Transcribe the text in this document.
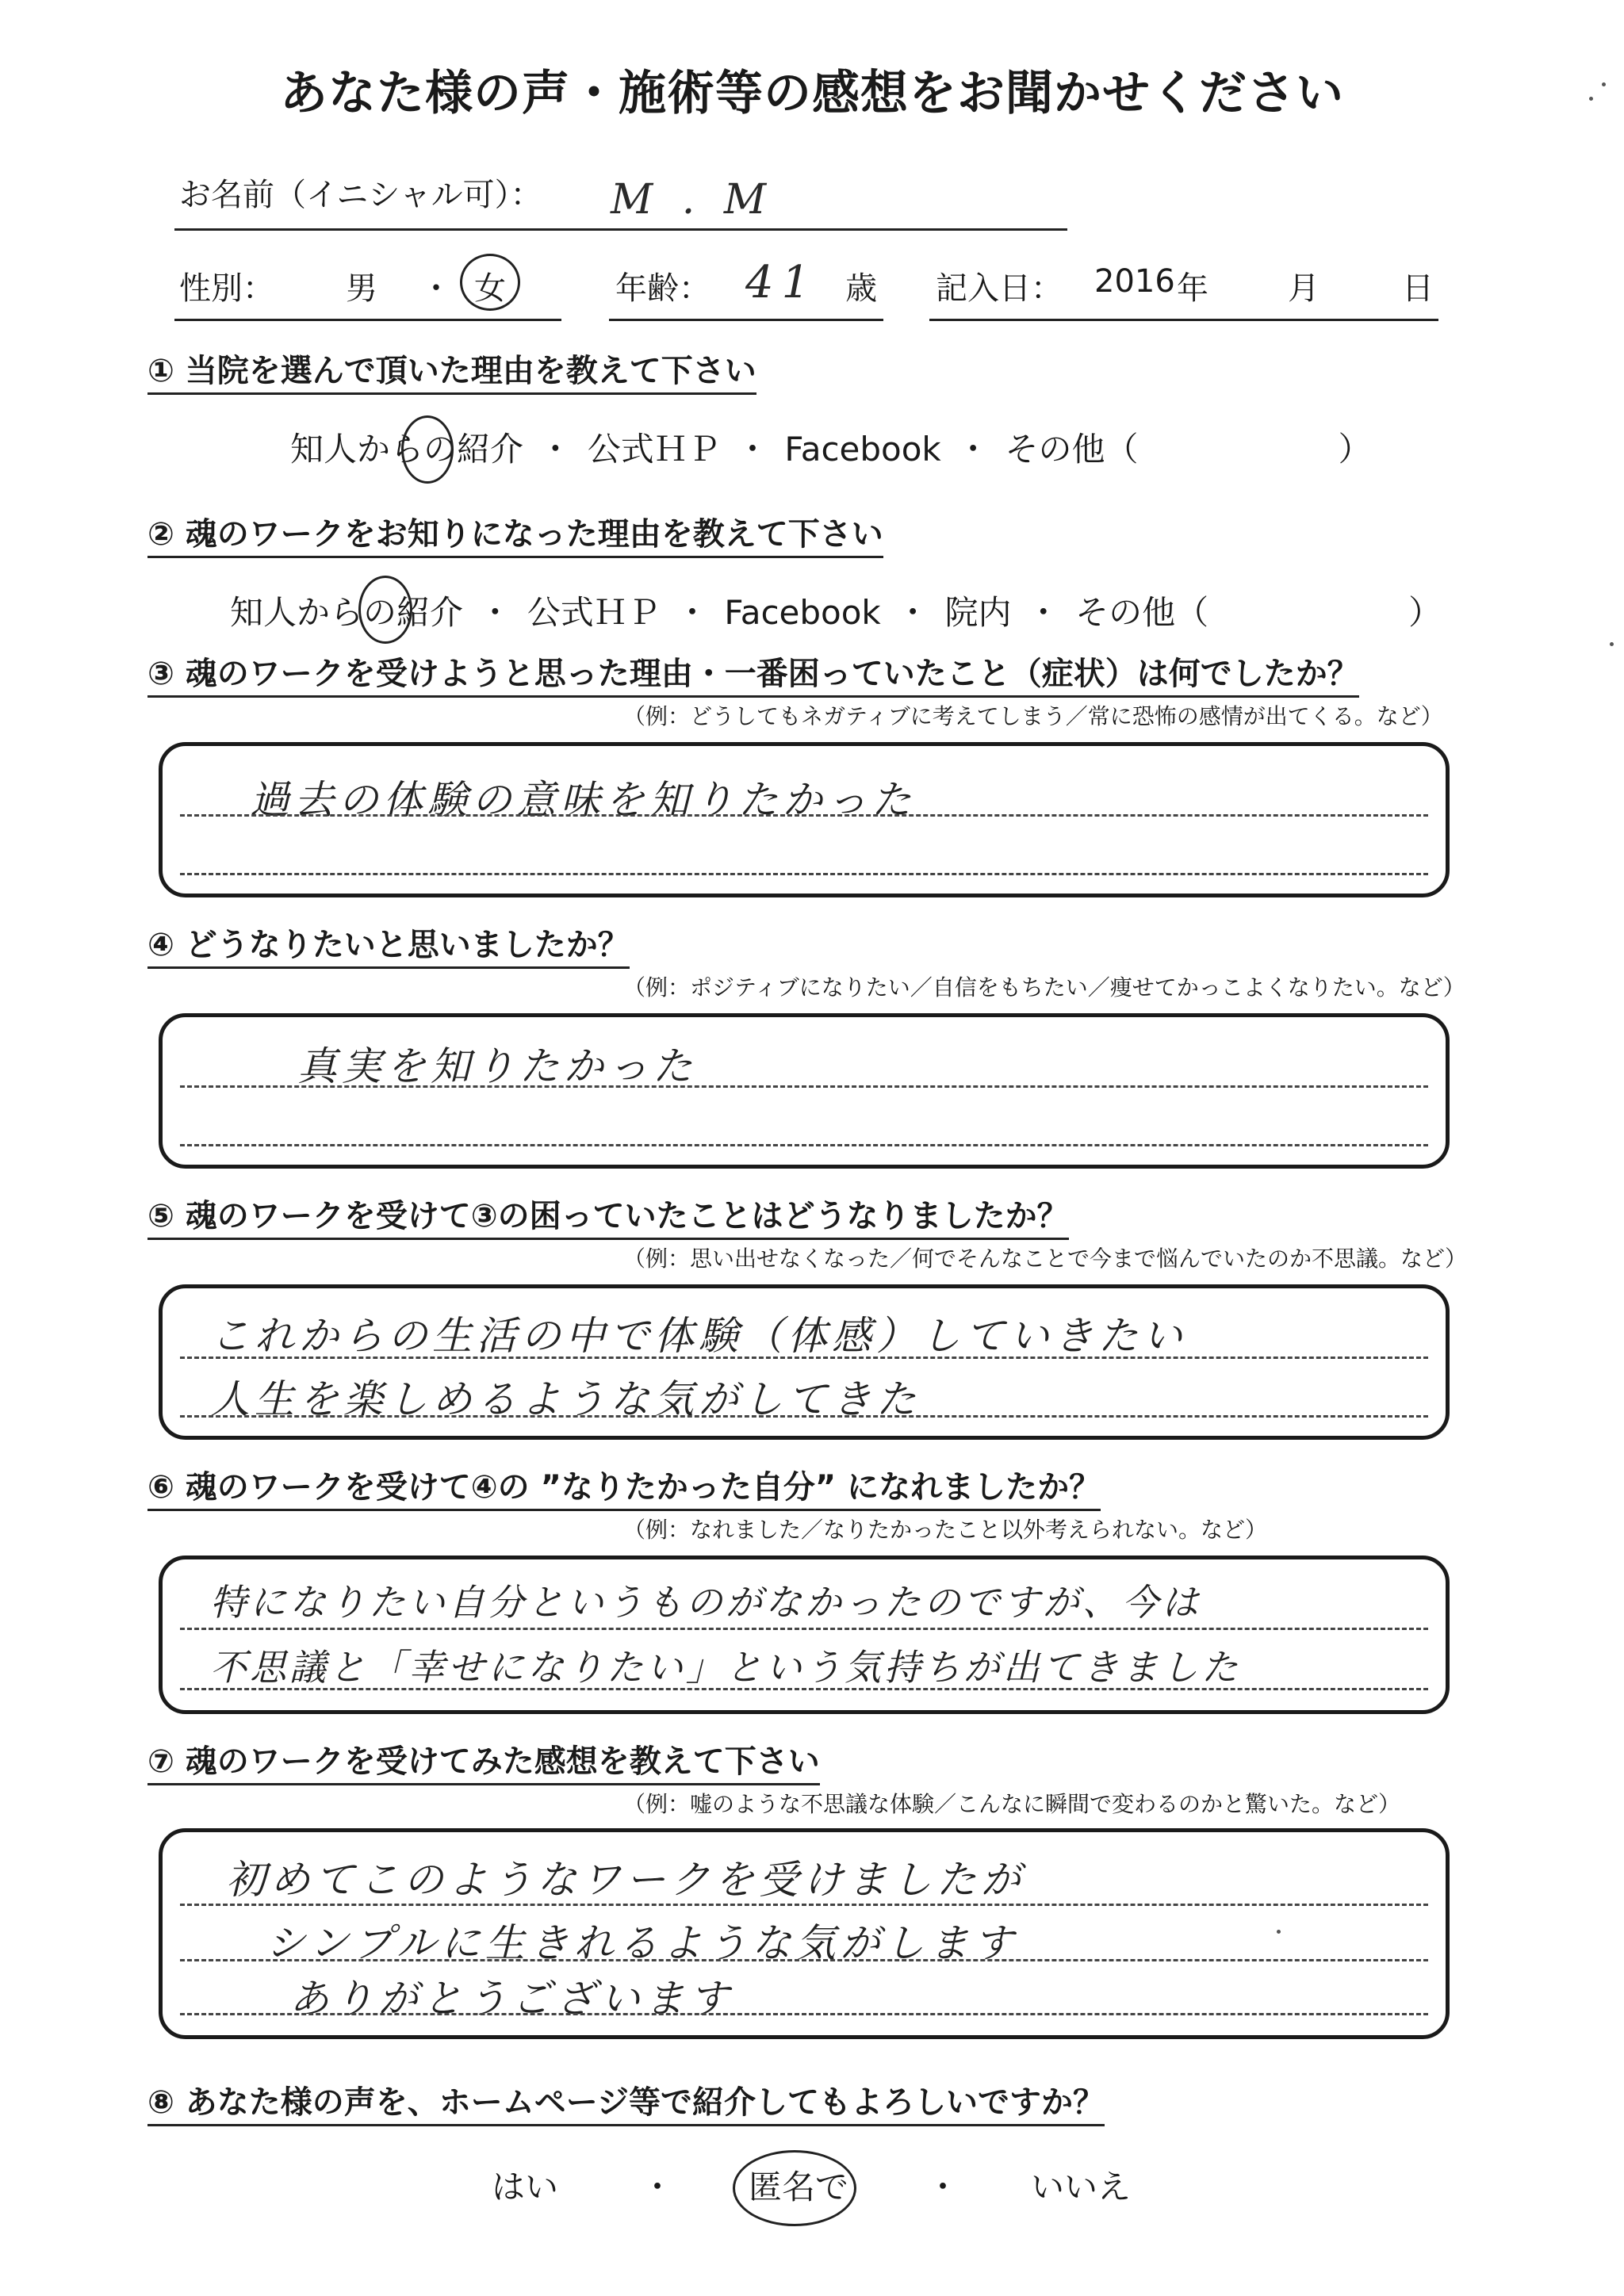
あなた様の声・施術等の感想をお聞かせください
お名前（イニシャル可）： M . M
性別： 男 ・ 女	年齢： 41 歳 記入日： 2016 年	月	日
① 当院を選んで頂いた理由を教えて下さい
知人からの紹介 ・ 公式ＨＰ ・ Facebook ・ その他（　　　　　　）
② 魂のワークをお知りになった理由を教えて下さい
知人からの紹介 ・ 公式ＨＰ ・ Facebook ・ 院内 ・ その他（　　　　　　）
③ 魂のワークを受けようと思った理由・一番困っていたこと（症状）は何でしたか？
（例：どうしてもネガティブに考えてしまう／常に恐怖の感情が出てくる。など）
過去の体験の意味を知りたかった
④ どうなりたいと思いましたか？
（例：ポジティブになりたい／自信をもちたい／痩せてかっこよくなりたい。など）
真実を知りたかった
⑤ 魂のワークを受けて③の困っていたことはどうなりましたか？
（例：思い出せなくなった／何でそんなことで今まで悩んでいたのか不思議。など）
これからの生活の中で体験（体感）していきたい
人生を楽しめるような気がしてきた
⑥ 魂のワークを受けて④の ”なりたかった自分” になれましたか？
（例：なれました／なりたかったこと以外考えられない。など）
特になりたい自分というものがなかったのですが、今は
不思議と「幸せになりたい」という気持ちが出てきました
⑦ 魂のワークを受けてみた感想を教えて下さい
（例：嘘のような不思議な体験／こんなに瞬間で変わるのかと驚いた。など）
初めてこのようなワークを受けましたが
シンプルに生きれるような気がします
ありがとうございます
⑧ あなた様の声を、ホームページ等で紹介してもよろしいですか？
はい ・ 匿名で ・ いいえ
